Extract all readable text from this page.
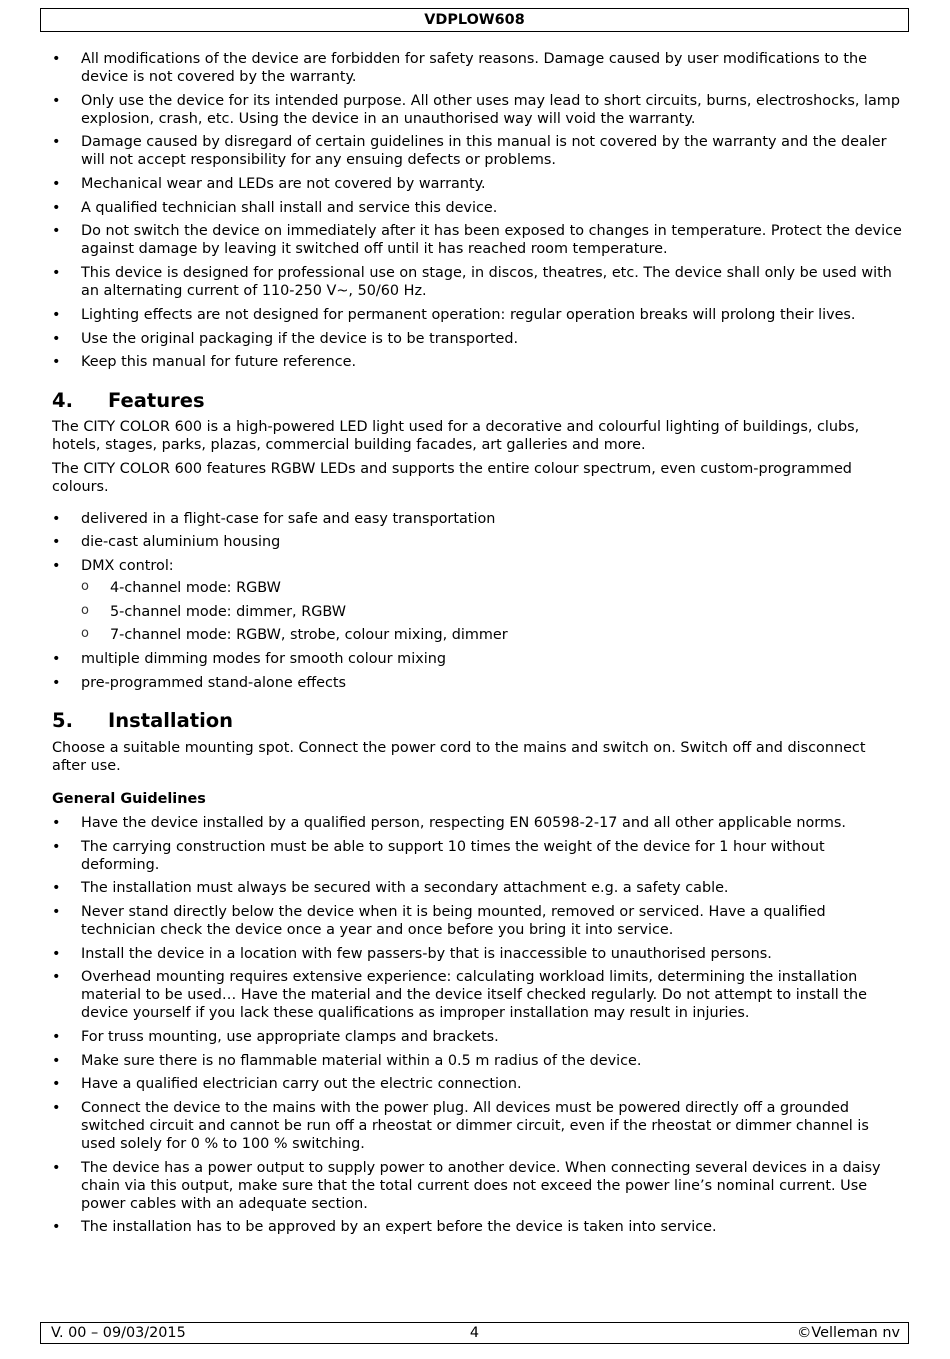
VDPLOW608
• All modifications of the device are forbidden for safety reasons. Damage caused by user modifications to the device is not covered by the warranty.
• Only use the device for its intended purpose. All other uses may lead to short circuits, burns, electroshocks, lamp explosion, crash, etc. Using the device in an unauthorised way will void the warranty.
• Damage caused by disregard of certain guidelines in this manual is not covered by the warranty and the dealer will not accept responsibility for any ensuing defects or problems.
• Mechanical wear and LEDs are not covered by warranty.
• A qualified technician shall install and service this device.
• Do not switch the device on immediately after it has been exposed to changes in temperature. Protect the device against damage by leaving it switched off until it has reached room temperature.
• This device is designed for professional use on stage, in discos, theatres, etc. The device shall only be used with an alternating current of 110-250 V~, 50/60 Hz.
• Lighting effects are not designed for permanent operation: regular operation breaks will prolong their lives.
• Use the original packaging if the device is to be transported.
• Keep this manual for future reference.
4. Features

The CITY COLOR 600 is a high-powered LED light used for a decorative and colourful lighting of buildings, clubs, hotels, stages, parks, plazas, commercial building facades, art galleries and more.

The CITY COLOR 600 features RGBW LEDs and supports the entire colour spectrum, even custom-programmed colours.

• delivered in a flight-case for safe and easy transportation
• die-cast aluminium housing
• DMX control:
o 4-channel mode: RGBW
o 5-channel mode: dimmer, RGBW
o 7-channel mode: RGBW, strobe, colour mixing, dimmer
• multiple dimming modes for smooth colour mixing
• pre-programmed stand-alone effects
5. Installation

Choose a suitable mounting spot. Connect the power cord to the mains and switch on. Switch off and disconnect after use.

General Guidelines
• Have the device installed by a qualified person, respecting EN 60598-2-17 and all other applicable norms.
• The carrying construction must be able to support 10 times the weight of the device for 1 hour without deforming.
• The installation must always be secured with a secondary attachment e.g. a safety cable.
• Never stand directly below the device when it is being mounted, removed or serviced. Have a qualified technician check the device once a year and once before you bring it into service.
• Install the device in a location with few passers-by that is inaccessible to unauthorised persons.
• Overhead mounting requires extensive experience: calculating workload limits, determining the installation material to be used… Have the material and the device itself checked regularly. Do not attempt to install the device yourself if you lack these qualifications as improper installation may result in injuries.
• For truss mounting, use appropriate clamps and brackets.
• Make sure there is no flammable material within a 0.5 m radius of the device.
• Have a qualified electrician carry out the electric connection.
• Connect the device to the mains with the power plug. All devices must be powered directly off a grounded switched circuit and cannot be run off a rheostat or dimmer circuit, even if the rheostat or dimmer channel is used solely for 0 % to 100 % switching.
• The device has a power output to supply power to another device. When connecting several devices in a daisy chain via this output, make sure that the total current does not exceed the power line’s nominal current. Use power cables with an adequate section.
• The installation has to be approved by an expert before the device is taken into service.
V. 00 – 09/03/2015	4	©Velleman nv
